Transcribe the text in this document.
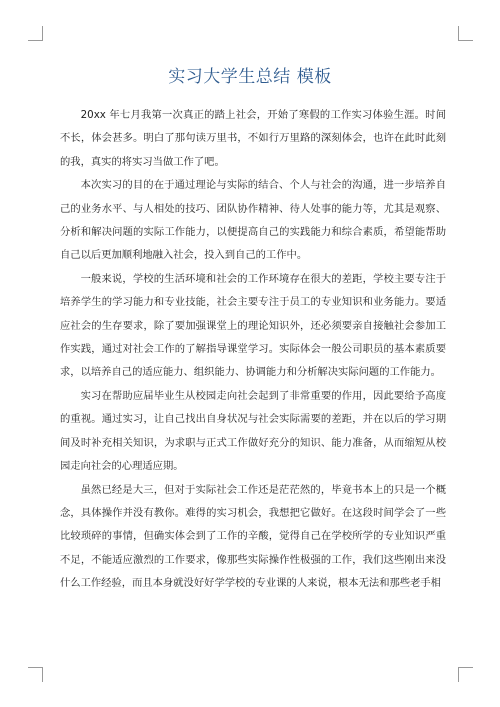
实习大学生总结 模板

20xx 年七月我第一次真正的踏上社会，开始了寒假的工作实习体验生涯。时间不长，体会甚多。明白了那句读万里书，不如行万里路的深刻体会，也许在此时此刻的我，真实的将实习当做工作了吧。

本次实习的目的在于通过理论与实际的结合、个人与社会的沟通，进一步培养自己的业务水平、与人相处的技巧、团队协作精神、待人处事的能力等，尤其是观察、分析和解决问题的实际工作能力，以便提高自己的实践能力和综合素质，希望能帮助自己以后更加顺利地融入社会，投入到自己的工作中。

一般来说，学校的生活环境和社会的工作环境存在很大的差距，学校主要专注于培养学生的学习能力和专业技能，社会主要专注于员工的专业知识和业务能力。要适应社会的生存要求，除了要加强课堂上的理论知识外，还必须要亲自接触社会参加工作实践，通过对社会工作的了解指导课堂学习。实际体会一般公司职员的基本素质要求，以培养自己的适应能力、组织能力、协调能力和分析解决实际问题的工作能力。

实习在帮助应届毕业生从校园走向社会起到了非常重要的作用，因此要给予高度的重视。通过实习，让自己找出自身状况与社会实际需要的差距，并在以后的学习期间及时补充相关知识，为求职与正式工作做好充分的知识、能力准备，从而缩短从校园走向社会的心理适应期。

虽然已经是大三，但对于实际社会工作还是茫茫然的，毕竟书本上的只是一个概念，具体操作并没有教你。难得的实习机会，我想把它做好。在这段时间学会了一些比较琐碎的事情，但确实体会到了工作的辛酸，觉得自己在学校所学的专业知识严重不足，不能适应激烈的工作要求，像那些实际操作性极强的工作，我们这些刚出来没什么工作经验，而且本身就没好好学学校的专业课的人来说，根本无法和那些老手相
